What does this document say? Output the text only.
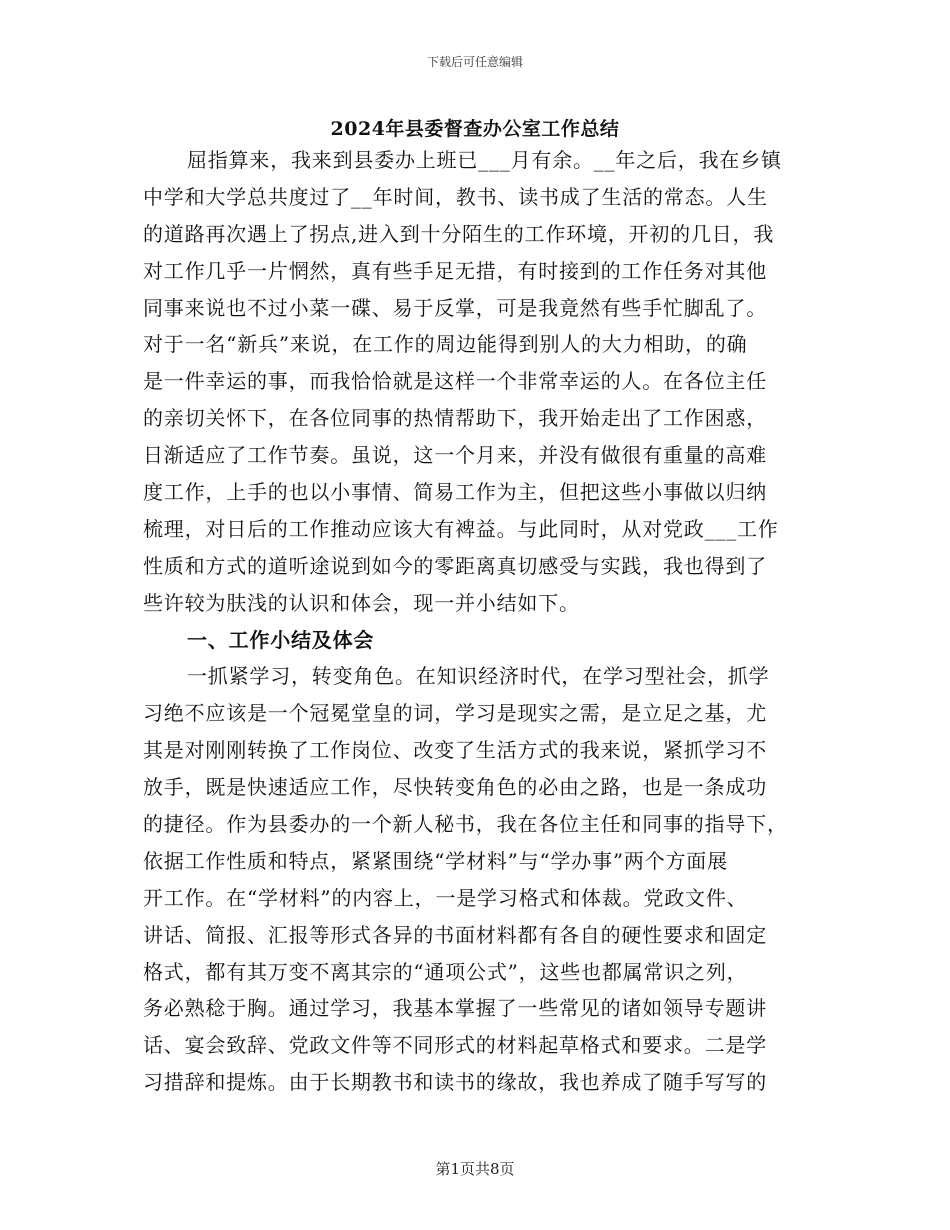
下载后可任意编辑
2024年县委督查办公室工作总结
屈指算来，我来到县委办上班已___月有余。__年之后，我在乡镇
中学和大学总共度过了__年时间，教书、读书成了生活的常态。人生
的道路再次遇上了拐点,进入到十分陌生的工作环境，开初的几日，我
对工作几乎一片惘然，真有些手足无措，有时接到的工作任务对其他
同事来说也不过小菜一碟、易于反掌，可是我竟然有些手忙脚乱了。
对于一名“新兵”来说，在工作的周边能得到别人的大力相助，的确
是一件幸运的事，而我恰恰就是这样一个非常幸运的人。在各位主任
的亲切关怀下，在各位同事的热情帮助下，我开始走出了工作困惑，
日渐适应了工作节奏。虽说，这一个月来，并没有做很有重量的高难
度工作，上手的也以小事情、简易工作为主，但把这些小事做以归纳
梳理，对日后的工作推动应该大有裨益。与此同时，从对党政___工作
性质和方式的道听途说到如今的零距离真切感受与实践，我也得到了
些许较为肤浅的认识和体会，现一并小结如下。
一、工作小结及体会
一抓紧学习，转变角色。在知识经济时代，在学习型社会，抓学
习绝不应该是一个冠冕堂皇的词，学习是现实之需，是立足之基，尤
其是对刚刚转换了工作岗位、改变了生活方式的我来说，紧抓学习不
放手，既是快速适应工作，尽快转变角色的必由之路，也是一条成功
的捷径。作为县委办的一个新人秘书，我在各位主任和同事的指导下，
依据工作性质和特点，紧紧围绕“学材料”与“学办事”两个方面展
开工作。在“学材料”的内容上，一是学习格式和体裁。党政文件、
讲话、简报、汇报等形式各异的书面材料都有各自的硬性要求和固定
格式，都有其万变不离其宗的“通项公式”，这些也都属常识之列，
务必熟稔于胸。通过学习，我基本掌握了一些常见的诸如领导专题讲
话、宴会致辞、党政文件等不同形式的材料起草格式和要求。二是学
习措辞和提炼。由于长期教书和读书的缘故，我也养成了随手写写的
第1页共8页
